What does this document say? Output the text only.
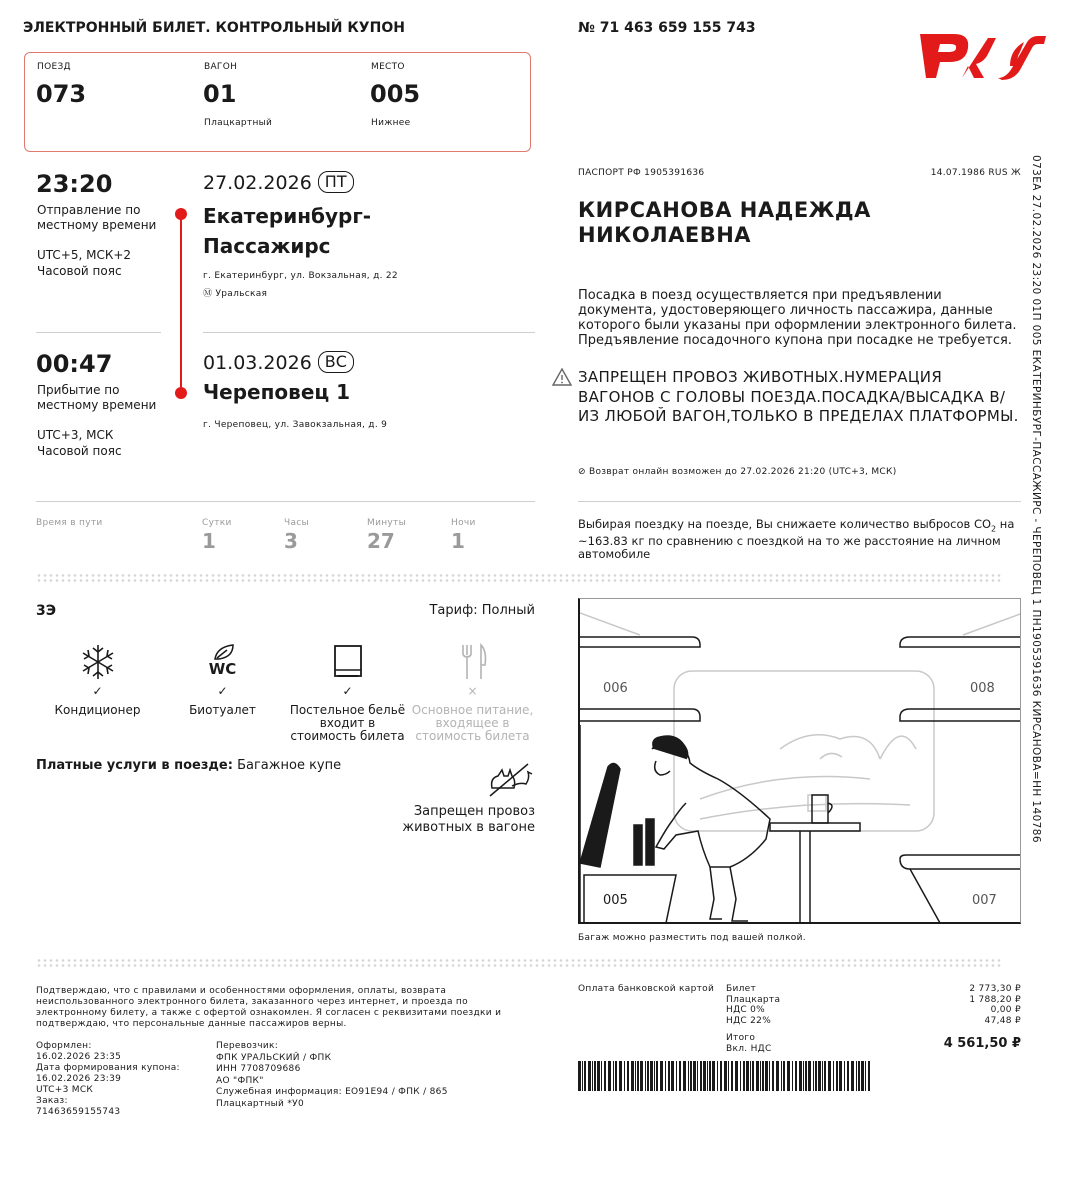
ЭЛЕКТРОННЫЙ БИЛЕТ. КОНТРОЛЬНЫЙ КУПОН	№ 71 463 659 155 743
ПОЕЗД
073
ВАГОН
01
Плацкартный
МЕСТО
005
Нижнее
23:20
Отправление по местному времени
UTC+5, МСК+2
Часовой пояс
27.02.2026 ПТ
Екатеринбург-
Пассажирс
г. Екатеринбург, ул. Вокзальная, д. 22
Ⓜ Уральская
00:47
Прибытие по местному времени
UTC+3, МСК
Часовой пояс
01.03.2026 ВС
Череповец 1
г. Череповец, ул. Завокзальная, д. 9
Время в пути	Сутки
1
Часы
3
Минуты
27
Ночи
1
ПАСПОРТ РФ 1905391636	14.07.1986 RUS Ж
КИРСАНОВА НАДЕЖДА
НИКОЛАЕВНА
Посадка в поезд осуществляется при предъявлении документа, удостоверяющего личность пассажира, данные которого были указаны при оформлении электронного билета. Предъявление посадочного купона при посадке не требуется.
ЗАПРЕЩЕН ПРОВОЗ ЖИВОТНЫХ.НУМЕРАЦИЯ ВАГОНОВ С ГОЛОВЫ ПОЕЗДА.ПОСАДКА/ВЫСАДКА В/ИЗ ЛЮБОЙ ВАГОН,ТОЛЬКО В ПРЕДЕЛАХ ПЛАТФОРМЫ.
⊘ Возврат онлайн возможен до 27.02.2026 21:20 (UTC+3, МСК)
Выбирая поездку на поезде, Вы снижаете количество выбросов $CO_2$ на ~163.83 кг по сравнению с поездкой на то же расстояние на личном автомобиле	073ЕА 27.02.2026 23:20 01П 005 ЕКАТЕРИНБУРГ-ПАССАЖИРС - ЧЕРЕПОВЕЦ 1 ПН1905391636 КИРСАНОВА=НН 140786
3Э	Тариф: Полный
✓
Кондиционер
WC
✓
Биотуалет
✓
Постельное бельё входит в стоимость билета
×
Основное питание, входящее в стоимость билета
Платные услуги в поезде: Багажное купе
Запрещен провоз животных в вагоне
006	008
005	007
Багаж можно разместить под вашей полкой.
Подтверждаю, что с правилами и особенностями оформления, оплаты, возврата неиспользованного электронного билета, заказанного через интернет, и проезда по электронному билету, а также с офертой ознакомлен. Я согласен с реквизитами поездки и подтверждаю, что персональные данные пассажиров верны.
Оформлен:
16.02.2026 23:35
Дата формирования купона:
16.02.2026 23:39
UTC+3 МСК
Заказ:
71463659155743
Перевозчик:
ФПК УРАЛЬСКИЙ / ФПК
ИНН 7708709686
АО "ФПК"
Служебная информация: ЕО91Е94 / ФПК / 865
Плацкартный *У0
Оплата банковской картой Билет	2 773,30 ₽
Плацкарта	1 788,20 ₽
НДС 0%	0,00 ₽
НДС 22%	47,48 ₽
Итого
Вкл. НДС	4 561,50 ₽
